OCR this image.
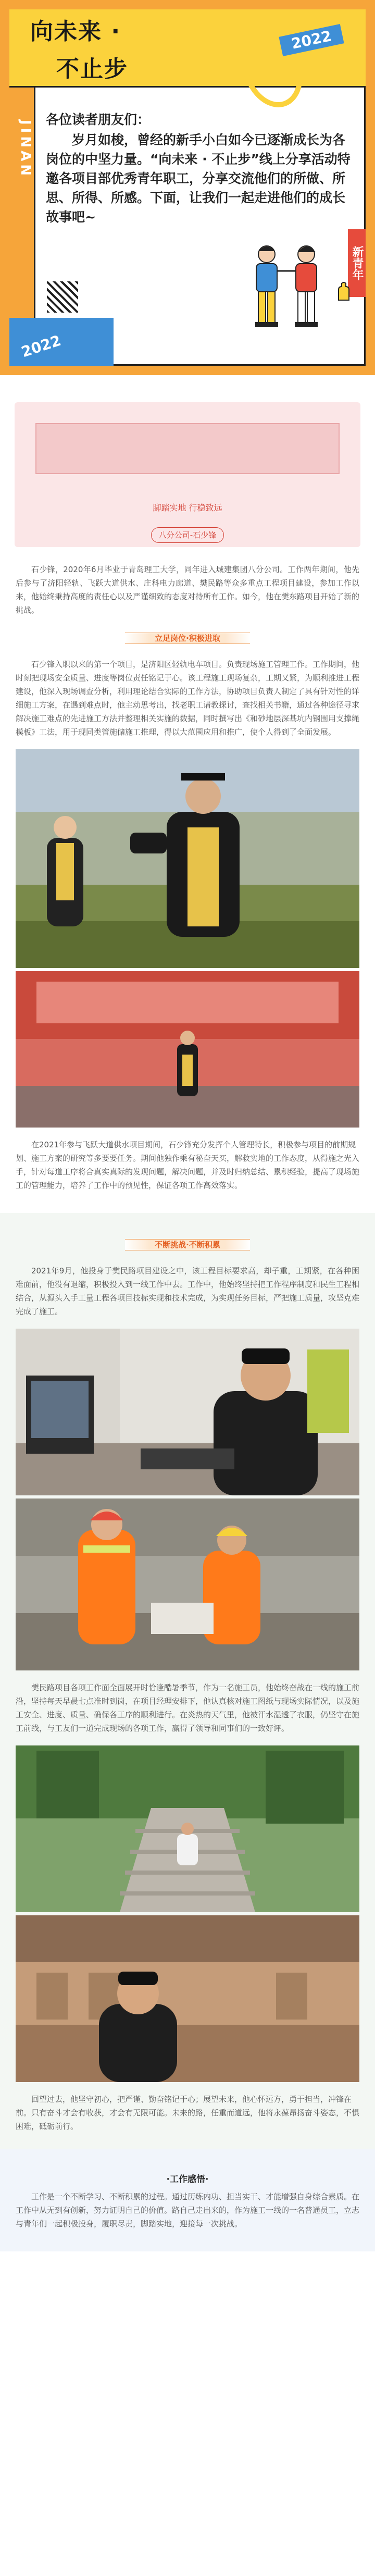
向未来 ·
不止步
2022
JINAN
各位读者朋友们：
岁月如梭，曾经的新手小白如今已逐渐成长为各岗位的中坚力量。“向未来 · 不止步”线上分享活动特邀各项目部优秀青年职工，分享交流他们的所做、所思、所得、所感。下面，让我们一起走进他们的成长故事吧~
新青年
2022
脚踏实地 行稳致远
八分公司-石少锋

石少锋，2020年6月毕业于青岛理工大学，同年进入城建集团八分公司。工作两年期间，他先后参与了济阳轻轨、飞跃大道供水、庄科电力廊道、樊民路等众多重点工程项目建设，参加工作以来，他始终秉持高度的责任心以及严谨细致的态度对待所有工作。如今，他在樊东路项目开始了新的挑战。

立足岗位·积极进取

石少锋入职以来的第一个项目，是济阳区轻轨电车项目。负责现场施工管理工作。工作期间，他时刻把现场安全质量、进度等岗位责任铭记于心。该工程施工现场复杂，工期又紧，为顺利推进工程建设，他深入现场调查分析，利用理论结合实际的工作方法，协助项目负责人制定了具有针对性的详细施工方案，在遇到难点时，他主动思考出，找老职工请教探讨，查找相关书籍，通过各种途径寻求解决施工难点的先进施工方法并整理相关实施的数据，同时撰写出《和砂地层深基坑内钢围用支撑绳模板》工法，用于现同类管施储施工推理，得以大范围应用和推广，使个人得到了全面发展。

在2021年参与飞跃大道供水项目期间，石少锋充分发挥个人管理特长，积极参与项目的前期规划、施工方案的研究等多要要任务。期间他独作乘有秘奋天买，解救实地的工作态度，从得施之光入手，针对每道工序将合真实真际的发现问题，解决问题，并及时归纳总结、累积经验，提高了现场施工的管理能力，培养了工作中的预见性，保证各项工作高效落实。

不断挑战·不断积累

2021年9月，他投身于樊民路项目建设之中，该工程目标要求高，却子重，工期紧，在各种困难面前，他没有退缩，积极投入到一线工作中去。工作中，他始终坚持把工作程序制度和民生工程相结合，从源头入手工量工程各项目技标实现和技术完成，为实现任务目标，严把施工质量，攻坚克难完成了施工。

樊民路项目各项工作面全面展开时恰逢酷暑季节，作为一名施工员，他始终奋战在一线的施工前沿，坚持每天早晨七点准时到岗，在项目经理安排下，他认真核对施工图纸与现场实际情况，以及施工安全、进度、质量、确保各工序的顺利进行。在炎热的天气里，他被汗水湿透了衣服，仍坚守在施工前线，与工友们一道完成现场的各项工作，赢得了领导和同事们的一致好评。

回望过去，他坚守初心，把严谨、勤奋铭记于心；展望未来，他心怀远方，勇于担当，冲锋在前。只有奋斗才会有收获，才会有无限可能。未来的路，任重而道远，他将永葆昂扬奋斗姿态，不惧困难，砥砺前行。

·工作感悟·

工作是一个不断学习、不断积累的过程。通过历练内功、担当实干、才能增强自身综合素质。在工作中从无到有创新，努力证明自己的价值。路自己走出来的，作为施工一线的一名普通员工，立志与青年们一起积极投身，履职尽责，脚踏实地，迎接每一次挑战。
